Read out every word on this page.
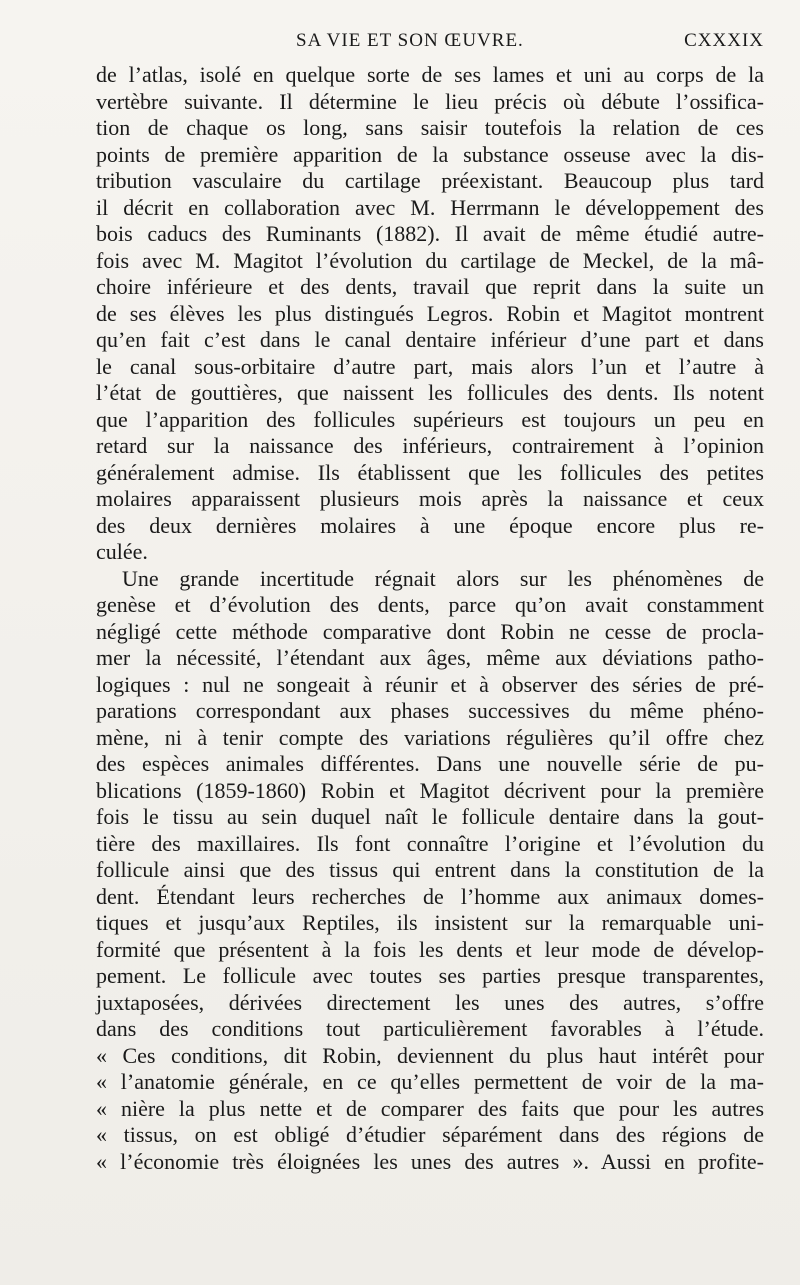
SA VIE ET SON ŒUVRE.	CXXXIX
de l’atlas, isolé en quelque sorte de ses lames et uni au corps de la
vertèbre suivante. Il détermine le lieu précis où débute l’ossifica-
tion de chaque os long, sans saisir toutefois la relation de ces
points de première apparition de la substance osseuse avec la dis-
tribution vasculaire du cartilage préexistant. Beaucoup plus tard
il décrit en collaboration avec M. Herrmann le développement des
bois caducs des Ruminants (1882). Il avait de même étudié autre-
fois avec M. Magitot l’évolution du cartilage de Meckel, de la mâ-
choire inférieure et des dents, travail que reprit dans la suite un
de ses élèves les plus distingués Legros. Robin et Magitot montrent
qu’en fait c’est dans le canal dentaire inférieur d’une part et dans
le canal sous-orbitaire d’autre part, mais alors l’un et l’autre à
l’état de gouttières, que naissent les follicules des dents. Ils notent
que l’apparition des follicules supérieurs est toujours un peu en
retard sur la naissance des inférieurs, contrairement à l’opinion
généralement admise. Ils établissent que les follicules des petites
molaires apparaissent plusieurs mois après la naissance et ceux
des deux dernières molaires à une époque encore plus re-
culée.
Une grande incertitude régnait alors sur les phénomènes de
genèse et d’évolution des dents, parce qu’on avait constamment
négligé cette méthode comparative dont Robin ne cesse de procla-
mer la nécessité, l’étendant aux âges, même aux déviations patho-
logiques : nul ne songeait à réunir et à observer des séries de pré-
parations correspondant aux phases successives du même phéno-
mène, ni à tenir compte des variations régulières qu’il offre chez
des espèces animales différentes. Dans une nouvelle série de pu-
blications (1859-1860) Robin et Magitot décrivent pour la première
fois le tissu au sein duquel naît le follicule dentaire dans la gout-
tière des maxillaires. Ils font connaître l’origine et l’évolution du
follicule ainsi que des tissus qui entrent dans la constitution de la
dent. Étendant leurs recherches de l’homme aux animaux domes-
tiques et jusqu’aux Reptiles, ils insistent sur la remarquable uni-
formité que présentent à la fois les dents et leur mode de dévelop-
pement. Le follicule avec toutes ses parties presque transparentes,
juxtaposées, dérivées directement les unes des autres, s’offre
dans des conditions tout particulièrement favorables à l’étude.
« Ces conditions, dit Robin, deviennent du plus haut intérêt pour
« l’anatomie générale, en ce qu’elles permettent de voir de la ma-
« nière la plus nette et de comparer des faits que pour les autres
« tissus, on est obligé d’étudier séparément dans des régions de
« l’économie très éloignées les unes des autres ». Aussi en profite-
